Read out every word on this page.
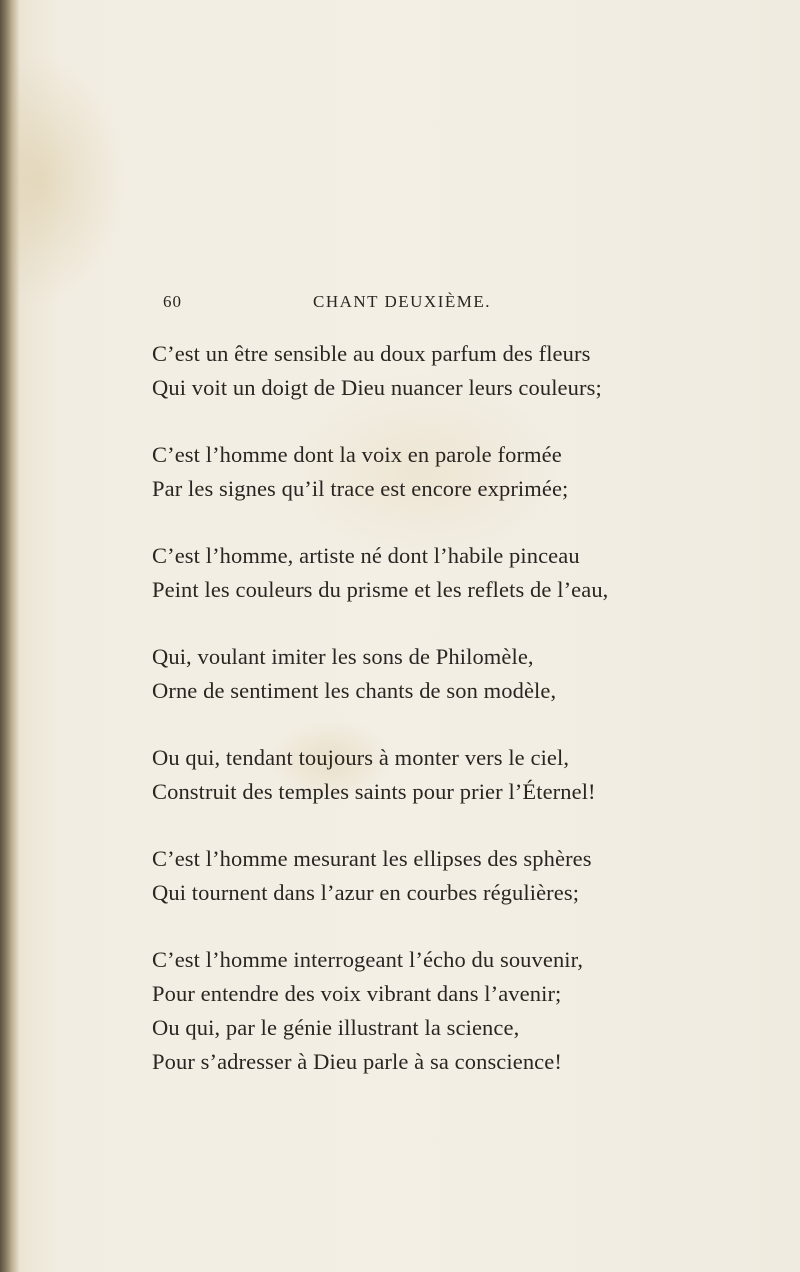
60	CHANT DEUXIÈME.
C’est un être sensible au doux parfum des fleurs
Qui voit un doigt de Dieu nuancer leurs couleurs;
C’est l’homme dont la voix en parole formée
Par les signes qu’il trace est encore exprimée;
C’est l’homme, artiste né dont l’habile pinceau
Peint les couleurs du prisme et les reflets de l’eau,
Qui, voulant imiter les sons de Philomèle,
Orne de sentiment les chants de son modèle,
Ou qui, tendant toujours à monter vers le ciel,
Construit des temples saints pour prier l’Éternel!
C’est l’homme mesurant les ellipses des sphères
Qui tournent dans l’azur en courbes régulières;
C’est l’homme interrogeant l’écho du souvenir,
Pour entendre des voix vibrant dans l’avenir;
Ou qui, par le génie illustrant la science,
Pour s’adresser à Dieu parle à sa conscience!
